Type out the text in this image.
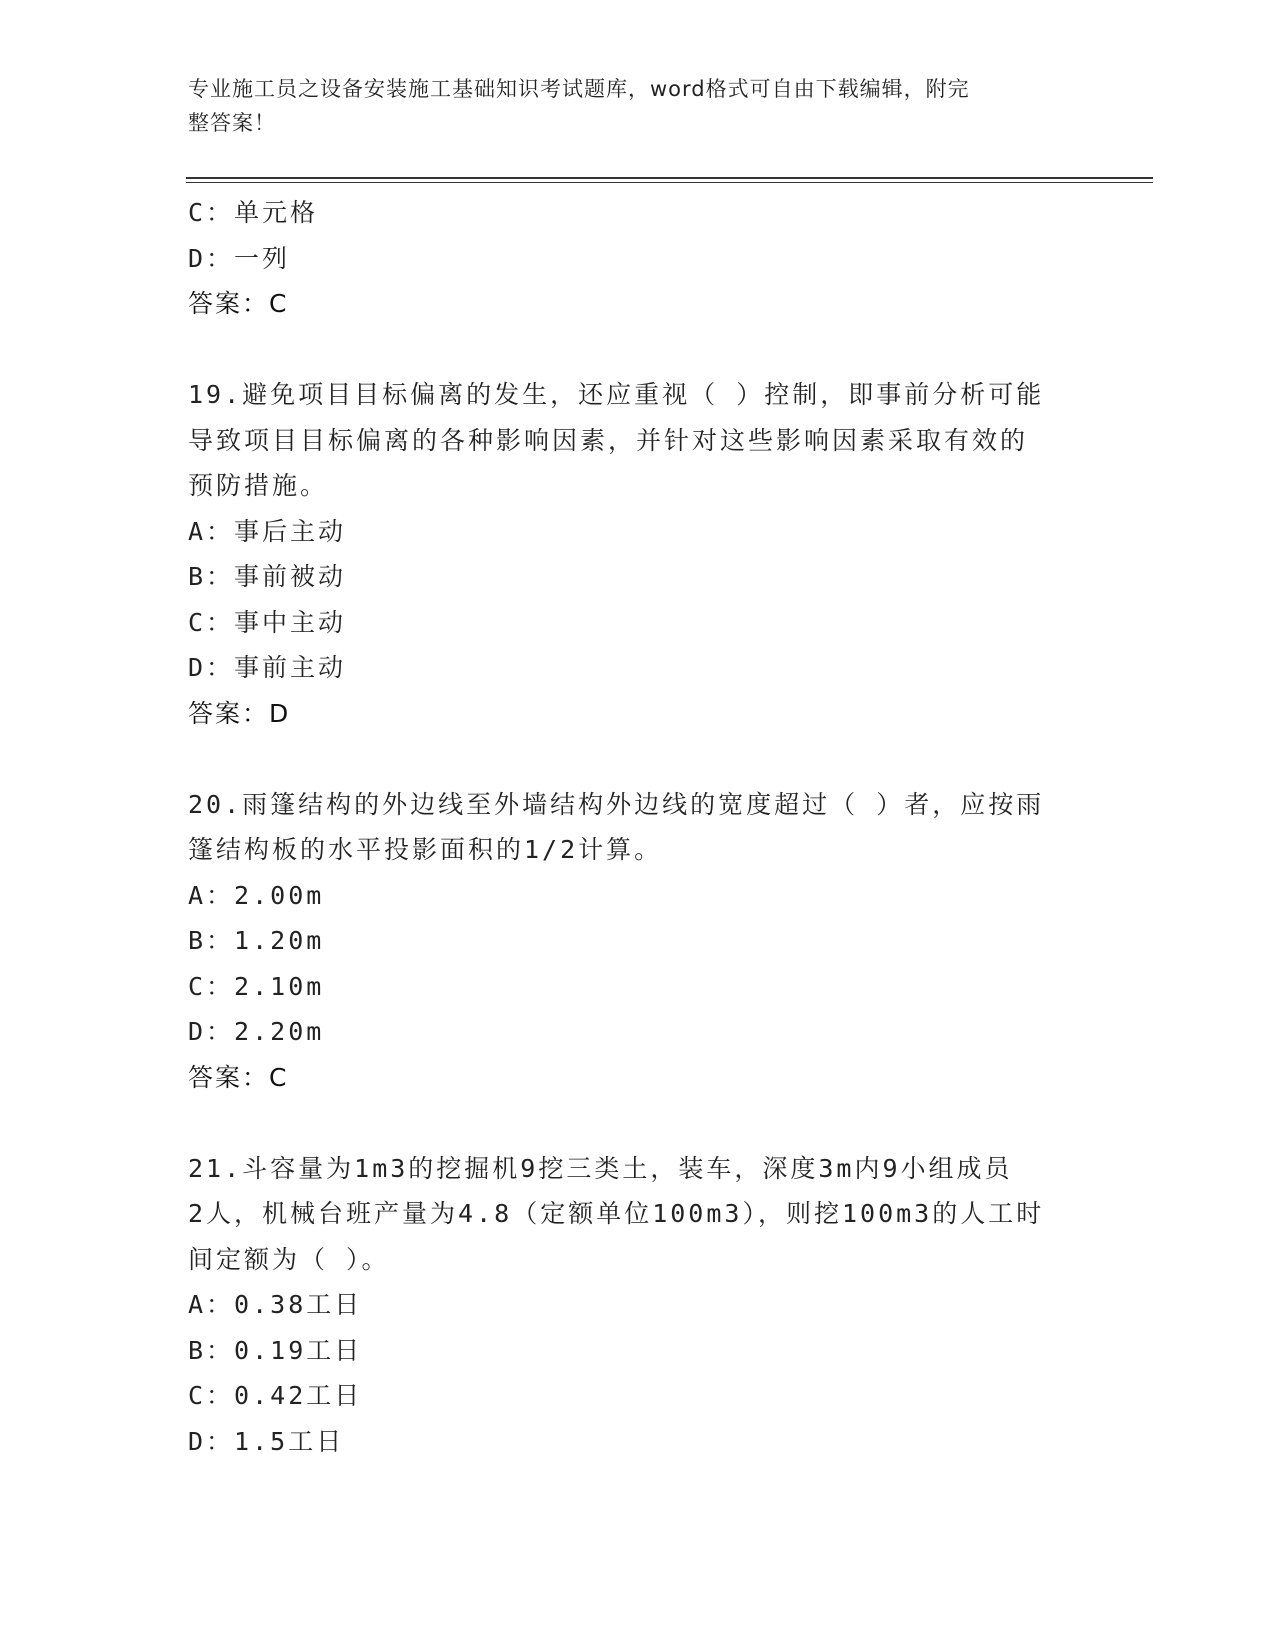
专业施工员之设备安装施工基础知识考试题库，word格式可自由下载编辑，附完
整答案！
C：单元格
D：一列
答案：C
19.避免项目目标偏离的发生，还应重视（ ）控制，即事前分析可能
导致项目目标偏离的各种影响因素，并针对这些影响因素采取有效的
预防措施。
A：事后主动
B：事前被动
C：事中主动
D：事前主动
答案：D
20.雨篷结构的外边线至外墙结构外边线的宽度超过（ ）者，应按雨
篷结构板的水平投影面积的1/2计算。
A：2.00m
B：1.20m
C：2.10m
D：2.20m
答案：C
21.斗容量为1m3的挖掘机9挖三类土，装车，深度3m内9小组成员
2人，机械台班产量为4.8（定额单位100m3），则挖100m3的人工时
间定额为（ ）。
A：0.38工日
B：0.19工日
C：0.42工日
D：1.5工日
